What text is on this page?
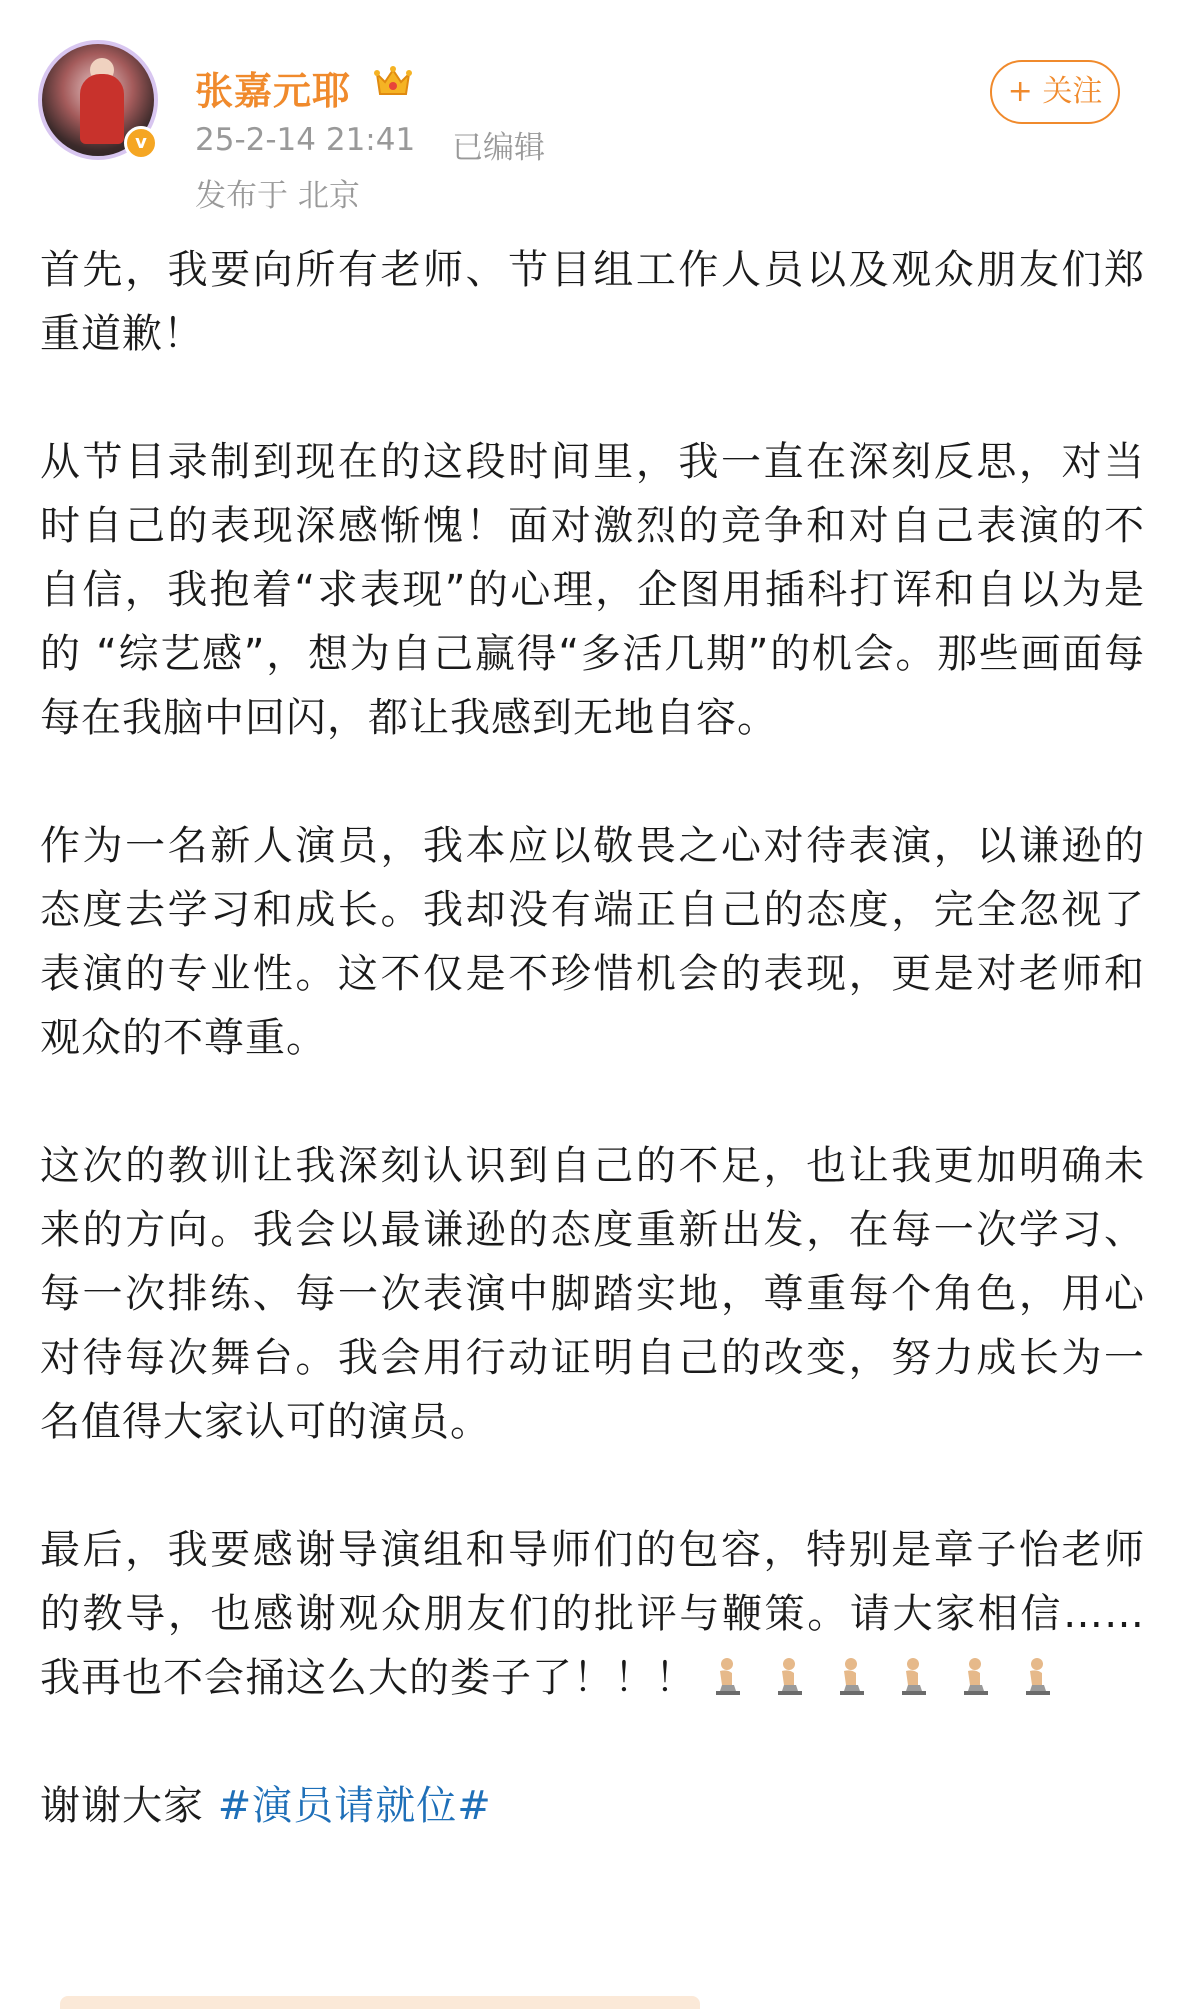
v
张嘉元耶
25-2-14 21:41 已编辑
发布于 北京
+ 关注

首先，我要向所有老师、节目组工作人员以及观众朋友们郑重道歉！

从节目录制到现在的这段时间里，我一直在深刻反思，对当时自己的表现深感惭愧！面对激烈的竞争和对自己表演的不自信，我抱着“求表现”的心理，企图用插科打诨和自以为是的 “综艺感”，想为自己赢得“多活几期”的机会。那些画面每每在我脑中回闪，都让我感到无地自容。

作为一名新人演员，我本应以敬畏之心对待表演，以谦逊的态度去学习和成长。我却没有端正自己的态度，完全忽视了表演的专业性。这不仅是不珍惜机会的表现，更是对老师和观众的不尊重。

这次的教训让我深刻认识到自己的不足，也让我更加明确未来的方向。我会以最谦逊的态度重新出发，在每一次学习、每一次排练、每一次表演中脚踏实地，尊重每个角色，用心对待每次舞台。我会用行动证明自己的改变，努力成长为一名值得大家认可的演员。

最后，我要感谢导演组和导师们的包容，特别是章子怡老师的教导，也感谢观众朋友们的批评与鞭策。请大家相信……我再也不会捅这么大的娄子了！！！

谢谢大家 #演员请就位#
